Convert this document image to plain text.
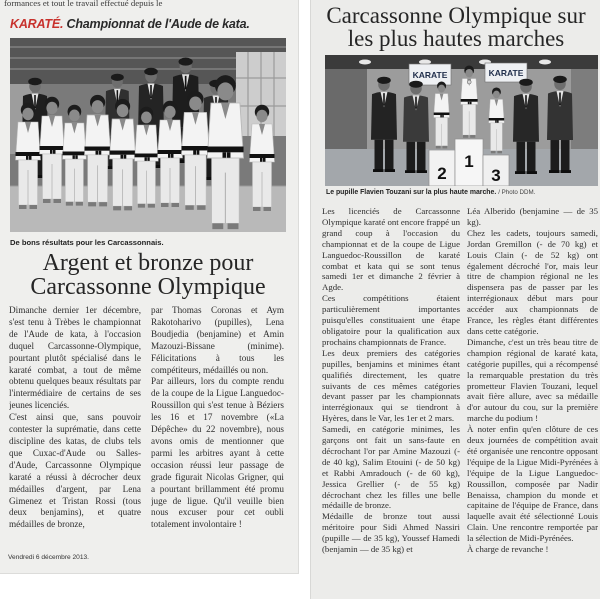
formances et tout le travail effectué depuis le
KARATÉ. Championnat de l'Aude de kata.
De bons résultats pour les Carcassonnais.
Argent et bronze pour Carcassonne Olympique

Dimanche dernier 1er décembre, s'est tenu à Trèbes le championnat de l'Aude de kata, à l'occasion duquel Carcassonne-Olympique, pourtant plutôt spécialisé dans le karaté combat, a tout de même obtenu quelques beaux résultats par l'intermédiaire de certains de ses jeunes licenciés.

C'est ainsi que, sans pouvoir contester la suprématie, dans cette discipline des katas, de clubs tels que Cuxac-d'Aude ou Salles-d'Aude, Carcassonne Olympique karaté a réussi à décrocher deux médailles d'argent, par Lena Gimenez et Tristan Rossi (tous deux benjamins), et quatre médailles de bronze,

par Thomas Coronas et Aym Rakotoharivo (pupilles), Lena Boudjedia (benjamine) et Amin Mazouzi-Bissane (minime). Félicitations à tous les compétiteurs, médaillés ou non.

Par ailleurs, lors du compte rendu de la coupe de la Ligue Languedoc-Roussillon qui s'est tenue à Béziers les 16 et 17 novembre («La Dépêche» du 22 novembre), nous avons omis de mentionner que parmi les arbitres ayant à cette occasion réussi leur passage de grade figurait Nicolas Grigner, qui a pourtant brillamment été promu juge de ligue. Qu'il veuille bien nous excuser pour cet oubli totalement involontaire !

Vendredi 6 décembre 2013.
Carcassonne Olympique sur les plus hautes marches
KARATE	KARATE
2
1
3
Le pupille Flavien Touzani sur la plus haute marche. / Photo DDM.

Les licenciés de Carcassonne Olympique karaté ont encore frappé un grand coup à l'occasion du championnat et de la coupe de Ligue Languedoc-Roussillon de karaté combat et kata qui se sont tenus samedi 1er et dimanche 2 février à Agde.

Ces compétitions étaient particulièrement importantes puisqu'elles constituaient une étape obligatoire pour la qualification aux prochains championnats de France.

Les deux premiers des catégories pupilles, benjamins et minimes étant qualifiés directement, les quatre suivants de ces mêmes catégories devant passer par les championnats interrégionaux qui se tiendront à Hyères, dans le Var, les 1er et 2 mars.

Samedi, en catégorie minimes, les garçons ont fait un sans-faute en décrochant l'or par Amine Mazouzi (- de 40 kg), Salim Etouini (- de 50 kg) et Rabbi Amradouch (- de 60 kg), Jessica Grellier (- de 55 kg) décrochant chez les filles une belle médaille de bronze.

Médaille de bronze tout aussi méritoire pour Sidi Ahmed Nassiri (pupille — de 35 kg), Youssef Hamedi (benjamin — de 35 kg) et

Léa Alberido (benjamine — de 35 kg).

Chez les cadets, toujours samedi, Jordan Gremillon (- de 70 kg) et Louis Clain (- de 52 kg) ont également décroché l'or, mais leur titre de champion régional ne les dispensera pas de passer par les interrégionaux début mars pour accéder aux championnats de France, les règles étant différentes dans cette catégorie.

Dimanche, c'est un très beau titre de champion régional de karaté kata, catégorie pupilles, qui a récompensé la remarquable prestation du très prometteur Flavien Touzani, lequel avait fière allure, avec sa médaille d'or autour du cou, sur la première marche du podium !

À noter enfin qu'en clôture de ces deux journées de compétition avait été organisée une rencontre opposant l'équipe de la Ligue Midi-Pyrénées à l'équipe de la Ligue Languedoc-Roussillon, composée par Nadir Benaissa, champion du monde et capitaine de l'équipe de France, dans laquelle avait été sélectionné Louis Clain. Une rencontre remportée par la sélection de Midi-Pyrénées.

À charge de revanche !
